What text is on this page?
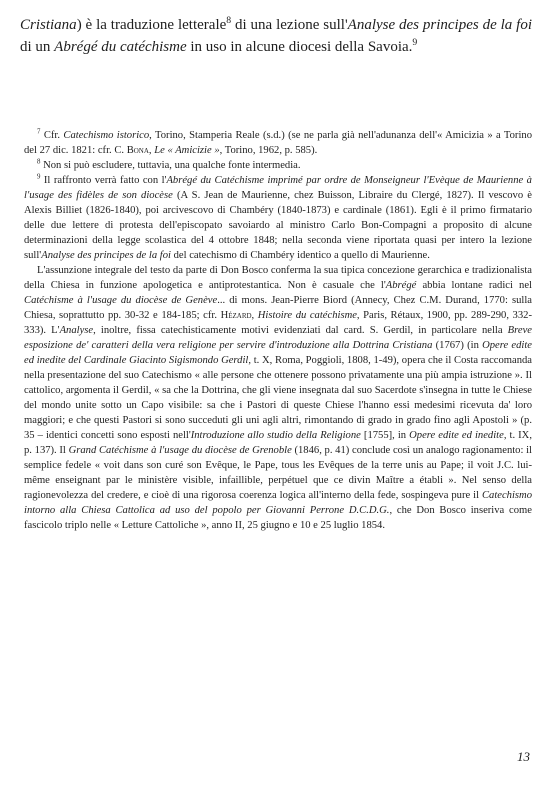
Cristiana) è la traduzione letterale$^8$ di una lezione sull'Analyse des principes de la foi di un Abrégé du catéchisme in uso in alcune diocesi della Savoia.$^9$

$^7$ Cfr. Catechismo istorico, Torino, Stamperia Reale (s.d.) (se ne parla già nell'adunanza dell'« Amicizia » a Torino del 27 dic. 1821: cfr. C. Bona, Le « Amicizie », Torino, 1962, p. 585).

$^8$ Non si può escludere, tuttavia, una qualche fonte intermedia.

$^9$ Il raffronto verrà fatto con l'Abrégé du Catéchisme imprimé par ordre de Monseigneur l'Evèque de Maurienne à l'usage des fidèles de son diocèse (A S. Jean de Maurienne, chez Buisson, Libraire du Clergé, 1827). Il vescovo è Alexis Billiet (1826-1840), poi arcivescovo di Chambéry (1840-1873) e cardinale (1861). Egli è il primo firmatario delle due lettere di protesta dell'episcopato savoiardo al ministro Carlo Bon-Compagni a proposito di alcune determinazioni della legge scolastica del 4 ottobre 1848; nella seconda viene riportata quasi per intero la lezione sull'Analyse des principes de la foi del catechismo di Chambéry identico a quello di Maurienne.

L'assunzione integrale del testo da parte di Don Bosco conferma la sua tipica concezione gerarchica e tradizionalista della Chiesa in funzione apologetica e antiprotestantica. Non è casuale che l'Abrégé abbia lontane radici nel Catéchisme à l'usage du diocèse de Genève... di mons. Jean-Pierre Biord (Annecy, Chez C.M. Durand, 1770: sulla Chiesa, soprattutto pp. 30-32 e 184-185; cfr. Hézard, Histoire du catéchisme, Paris, Rétaux, 1900, pp. 289-290, 332-333). L'Analyse, inoltre, fissa catechisticamente motivi evidenziati dal card. S. Gerdil, in particolare nella Breve esposizione de' caratteri della vera religione per servire d'introduzione alla Dottrina Cristiana (1767) (in Opere edite ed inedite del Cardinale Giacinto Sigismondo Gerdil, t. X, Roma, Poggioli, 1808, 1-49), opera che il Costa raccomanda nella presentazione del suo Catechismo « alle persone che ottenere possono privatamente una più ampia istruzione ». Il cattolico, argomenta il Gerdil, « sa che la Dottrina, che gli viene insegnata dal suo Sacerdote s'insegna in tutte le Chiese del mondo unite sotto un Capo visibile: sa che i Pastori di queste Chiese l'hanno essi medesimi ricevuta da' loro maggiori; e che questi Pastori si sono succeduti gli uni agli altri, rimontando di grado in grado fino agli Apostoli » (p. 35 – identici concetti sono esposti nell'Introduzione allo studio della Religione [1755], in Opere edite ed inedite, t. IX, p. 137). Il Grand Catéchisme à l'usage du diocèse de Grenoble (1846, p. 41) conclude così un analogo ragionamento: il semplice fedele « voit dans son curé son Evêque, le Pape, tous les Evêques de la terre unis au Pape; il voit J.C. lui-même enseignant par le ministère visible, infaillible, perpétuel que ce divin Maître a établi ». Nel senso della ragionevolezza del credere, e cioè di una rigorosa coerenza logica all'interno della fede, sospingeva pure il Catechismo intorno alla Chiesa Cattolica ad uso del popolo per Giovanni Perrone D.C.D.G., che Don Bosco inseriva come fascicolo triplo nelle « Letture Cattoliche », anno II, 25 giugno e 10 e 25 luglio 1854.

13
